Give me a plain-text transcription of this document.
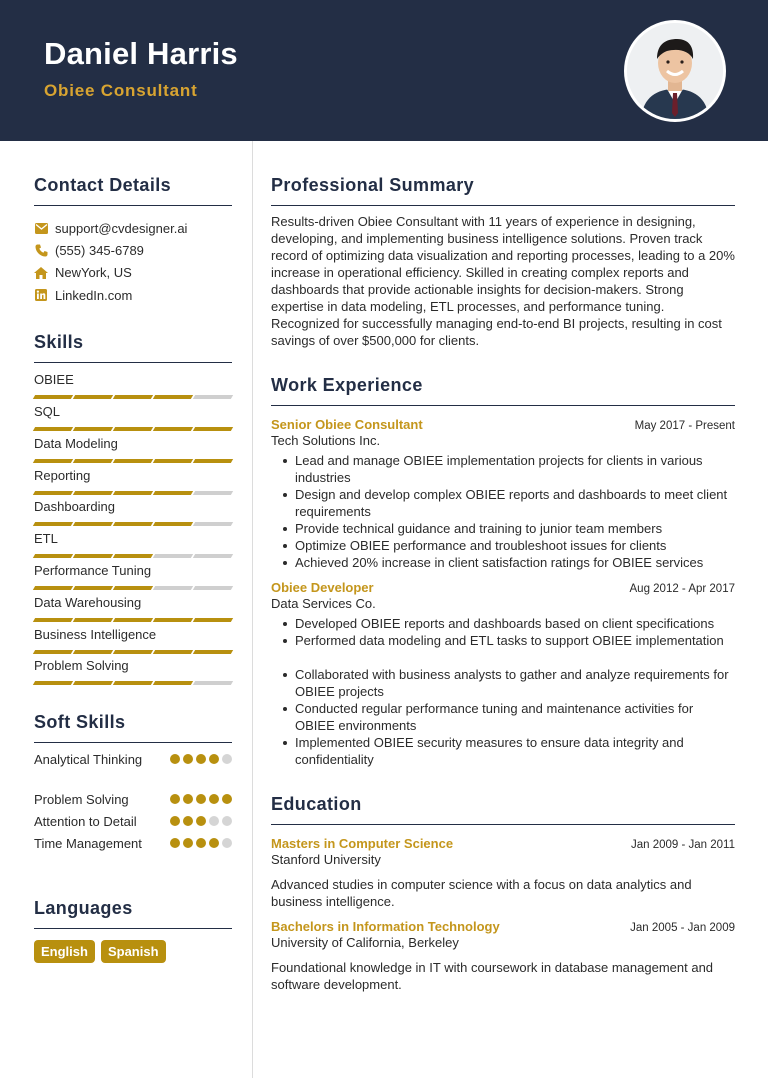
Daniel Harris
Obiee Consultant
Contact Details
support@cvdesigner.ai
(555) 345-6789
NewYork, US
LinkedIn.com
Skills
OBIEE
SQL
Data Modeling
Reporting
Dashboarding
ETL
Performance Tuning
Data Warehousing
Business Intelligence
Problem Solving
Soft Skills
Analytical Thinking
Problem Solving
Attention to Detail
Time Management
Languages
English	Spanish
Professional Summary

Results-driven Obiee Consultant with 11 years of experience in designing, developing, and implementing business intelligence solutions. Proven track record of optimizing data visualization and reporting processes, leading to a 20% increase in operational efficiency. Skilled in creating complex reports and dashboards that provide actionable insights for decision-makers. Strong expertise in data modeling, ETL processes, and performance tuning. Recognized for successfully managing end-to-end BI projects, resulting in cost savings of over $500,000 for clients.

Work Experience
Senior Obiee Consultant	May 2017 - Present
Tech Solutions Inc.
Lead and manage OBIEE implementation projects for clients in various industries
Design and develop complex OBIEE reports and dashboards to meet client requirements
Provide technical guidance and training to junior team members
Optimize OBIEE performance and troubleshoot issues for clients
Achieved 20% increase in client satisfaction ratings for OBIEE services
Obiee Developer	Aug 2012 - Apr 2017
Data Services Co.
Developed OBIEE reports and dashboards based on client specifications
Performed data modeling and ETL tasks to support OBIEE implementation
Collaborated with business analysts to gather and analyze requirements for OBIEE projects
Conducted regular performance tuning and maintenance activities for OBIEE environments
Implemented OBIEE security measures to ensure data integrity and confidentiality
Education
Masters in Computer Science	Jan 2009 - Jan 2011
Stanford University

Advanced studies in computer science with a focus on data analytics and business intelligence.

Bachelors in Information Technology	Jan 2005 - Jan 2009
University of California, Berkeley

Foundational knowledge in IT with coursework in database management and software development.
